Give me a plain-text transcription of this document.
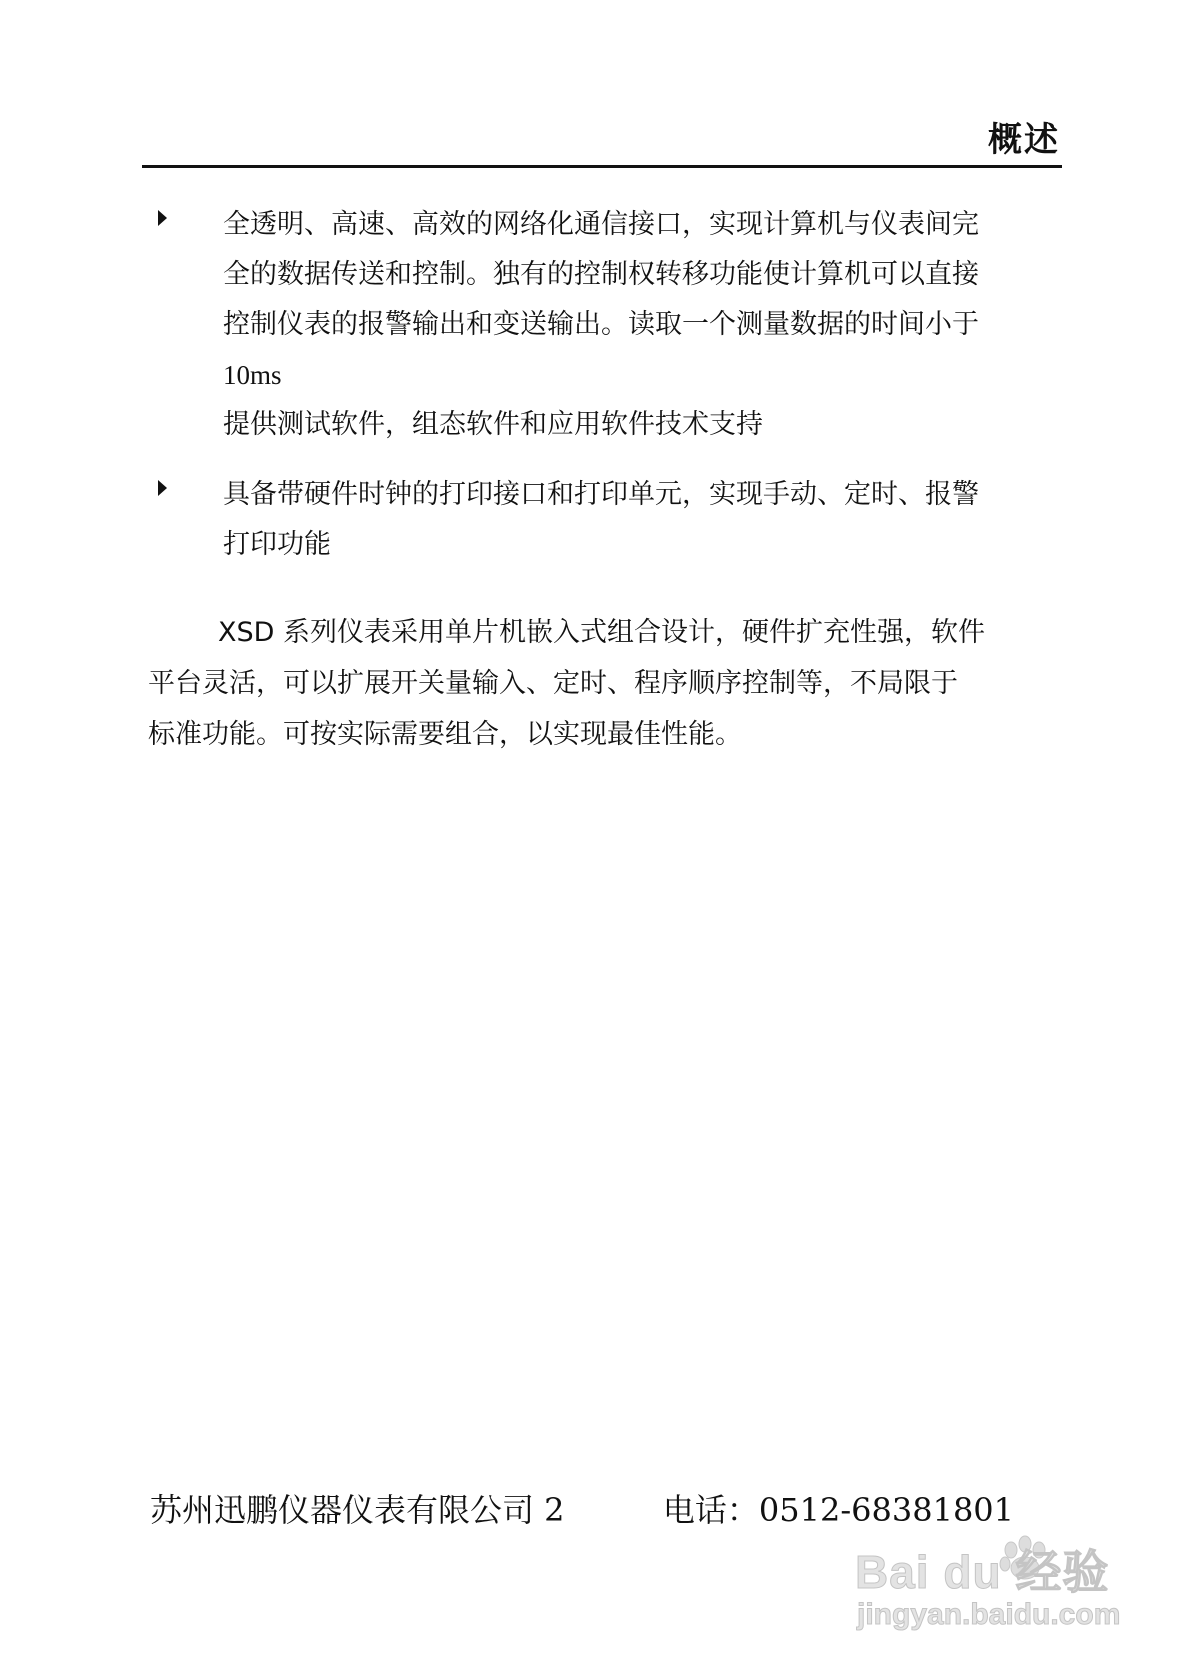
概述
全透明、高速、高效的网络化通信接口，实现计算机与仪表间完
全的数据传送和控制。独有的控制权转移功能使计算机可以直接
控制仪表的报警输出和变送输出。读取一个测量数据的时间小于
10ms
提供测试软件，组态软件和应用软件技术支持
具备带硬件时钟的打印接口和打印单元，实现手动、定时、报警
打印功能
XSD 系列仪表采用单片机嵌入式组合设计，硬件扩充性强，软件
平台灵活，可以扩展开关量输入、定时、程序顺序控制等，不局限于
标准功能。可按实际需要组合，以实现最佳性能。
苏州迅鹏仪器仪表有限公司 2	电话：0512-68381801
Bai du 经验
jingyan.baidu.com
